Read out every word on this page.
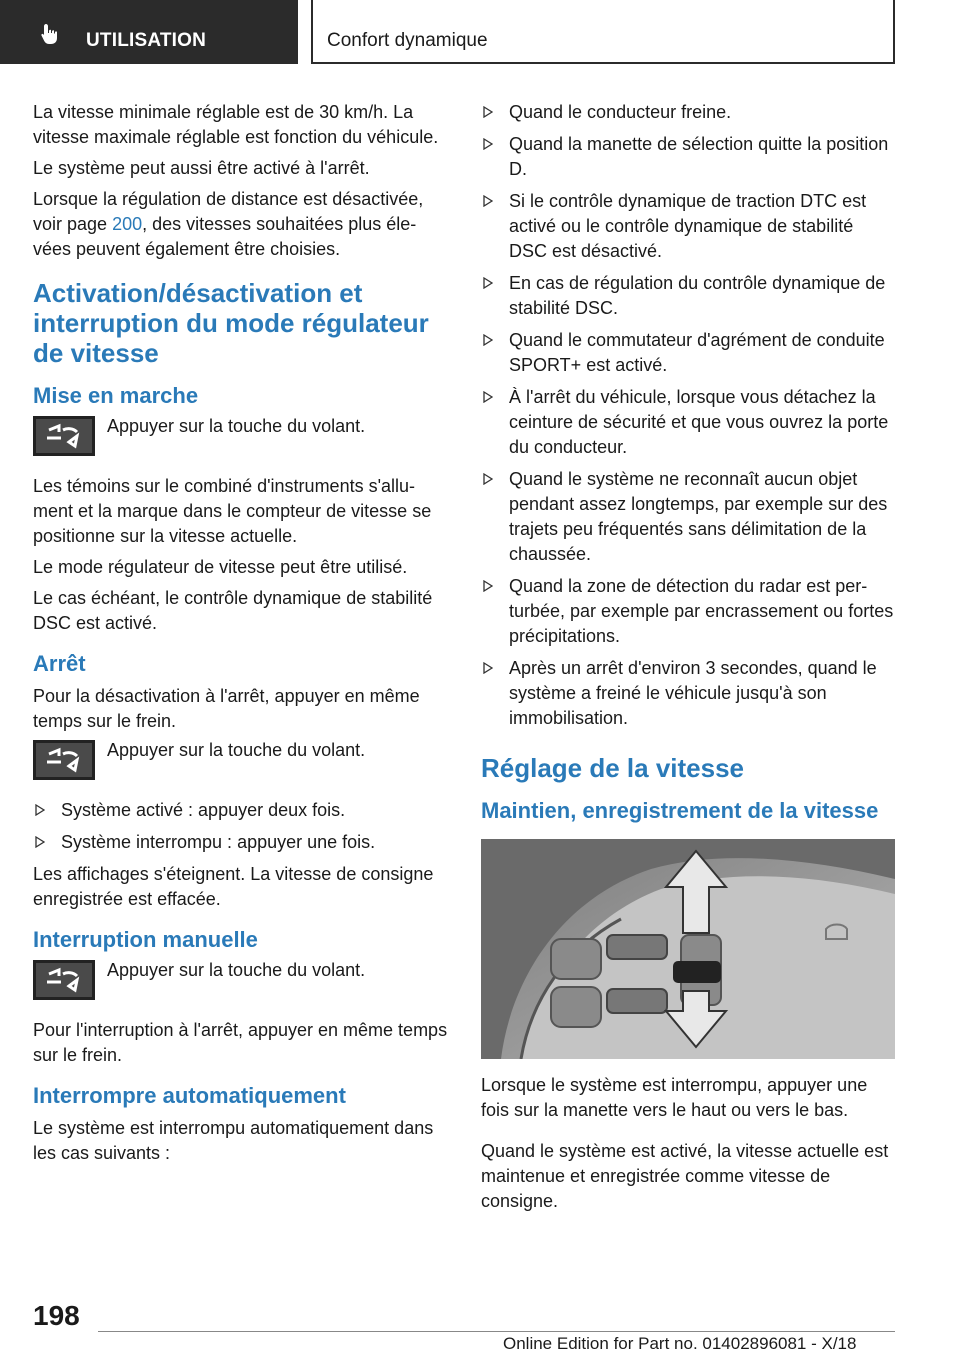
UTILISATION	Confort dynamique

La vitesse minimale réglable est de 30 km/h. La vitesse maximale réglable est fonction du véhicule.

Le système peut aussi être activé à l'arrêt.

Lorsque la régulation de distance est désactivée, voir page 200, des vitesses souhaitées plus élevées peuvent également être choisies.

Activation/désactivation et interruption du mode régulateur de vitesse
Mise en marche
Appuyer sur la touche du volant.

Les témoins sur le combiné d'instruments s'allument et la marque dans le compteur de vitesse se positionne sur la vitesse actuelle.

Le mode régulateur de vitesse peut être utilisé.

Le cas échéant, le contrôle dynamique de stabilité DSC est activé.

Arrêt

Pour la désactivation à l'arrêt, appuyer en même temps sur le frein.

Appuyer sur la touche du volant.
Système activé : appuyer deux fois.
Système interrompu : appuyer une fois.

Les affichages s'éteignent. La vitesse de consigne enregistrée est effacée.

Interruption manuelle
Appuyer sur la touche du volant.

Pour l'interruption à l'arrêt, appuyer en même temps sur le frein.

Interrompre automatiquement

Le système est interrompu automatiquement dans les cas suivants :

Quand le conducteur freine.
Quand la manette de sélection quitte la position D.
Si le contrôle dynamique de traction DTC est activé ou le contrôle dynamique de stabilité DSC est désactivé.
En cas de régulation du contrôle dynamique de stabilité DSC.
Quand le commutateur d'agrément de conduite SPORT+ est activé.
À l'arrêt du véhicule, lorsque vous détachez la ceinture de sécurité et que vous ouvrez la porte du conducteur.
Quand le système ne reconnaît aucun objet pendant assez longtemps, par exemple sur des trajets peu fréquentés sans délimitation de la chaussée.
Quand la zone de détection du radar est perturbée, par exemple par encrassement ou fortes précipitations.
Après un arrêt d'environ 3 secondes, quand le système a freiné le véhicule jusqu'à son immobilisation.
Réglage de la vitesse
Maintien, enregistrement de la vitesse

Lorsque le système est interrompu, appuyer une fois sur la manette vers le haut ou vers le bas.

Quand le système est activé, la vitesse actuelle est maintenue et enregistrée comme vitesse de consigne.

198
Online Edition for Part no. 01402896081 - X/18
